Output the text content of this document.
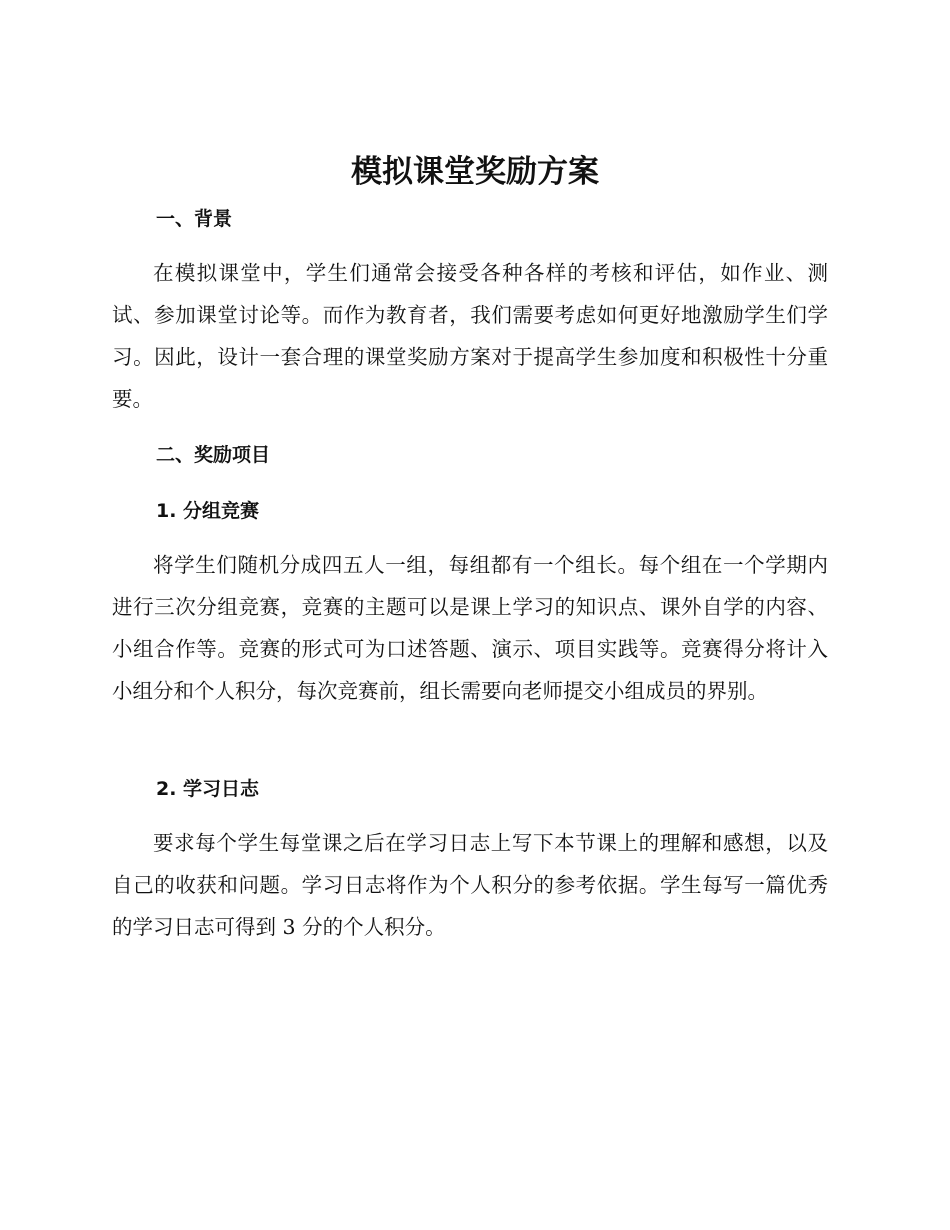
模拟课堂奖励方案
一、背景

在模拟课堂中，学生们通常会接受各种各样的考核和评估，如作业、测试、参加课堂讨论等。而作为教育者，我们需要考虑如何更好地激励学生们学习。因此，设计一套合理的课堂奖励方案对于提高学生参加度和积极性十分重要。

二、奖励项目
1. 分组竞赛

将学生们随机分成四五人一组，每组都有一个组长。每个组在一个学期内进行三次分组竞赛，竞赛的主题可以是课上学习的知识点、课外自学的内容、小组合作等。竞赛的形式可为口述答题、演示、项目实践等。竞赛得分将计入小组分和个人积分，每次竞赛前，组长需要向老师提交小组成员的界别。

2. 学习日志

要求每个学生每堂课之后在学习日志上写下本节课上的理解和感想，以及自己的收获和问题。学习日志将作为个人积分的参考依据。学生每写一篇优秀的学习日志可得到 3 分的个人积分。
